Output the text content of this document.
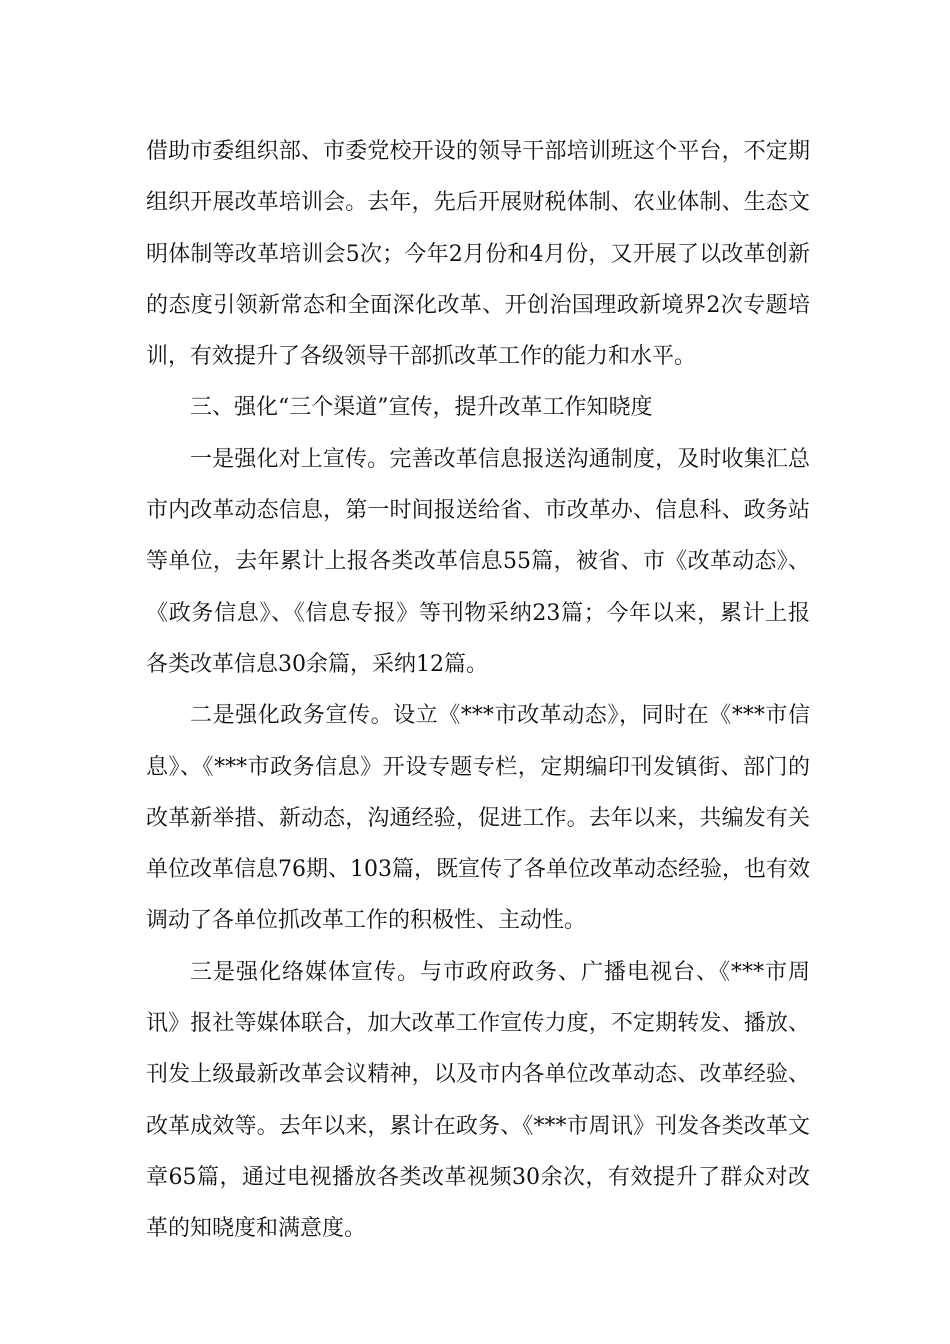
借助市委组织部、市委党校开设的领导干部培训班这个平台，不定期组织开展改革培训会。去年，先后开展财税体制、农业体制、生态文明体制等改革培训会5次；今年2月份和4月份，又开展了以改革创新的态度引领新常态和全面深化改革、开创治国理政新境界2次专题培训，有效提升了各级领导干部抓改革工作的能力和水平。

三、强化“三个渠道”宣传，提升改革工作知晓度

一是强化对上宣传。完善改革信息报送沟通制度，及时收集汇总市内改革动态信息，第一时间报送给省、市改革办、信息科、政务站等单位，去年累计上报各类改革信息55篇，被省、市《改革动态》、《政务信息》、《信息专报》等刊物采纳23篇；今年以来，累计上报各类改革信息30余篇，采纳12篇。

二是强化政务宣传。设立《***市改革动态》，同时在《***市信息》、《***市政务信息》开设专题专栏，定期编印刊发镇街、部门的改革新举措、新动态，沟通经验，促进工作。去年以来，共编发有关单位改革信息76期、103篇，既宣传了各单位改革动态经验，也有效调动了各单位抓改革工作的积极性、主动性。

三是强化络媒体宣传。与市政府政务、广播电视台、《***市周讯》报社等媒体联合，加大改革工作宣传力度，不定期转发、播放、刊发上级最新改革会议精神，以及市内各单位改革动态、改革经验、改革成效等。去年以来，累计在政务、《***市周讯》刊发各类改革文章65篇，通过电视播放各类改革视频30余次，有效提升了群众对改革的知晓度和满意度。
